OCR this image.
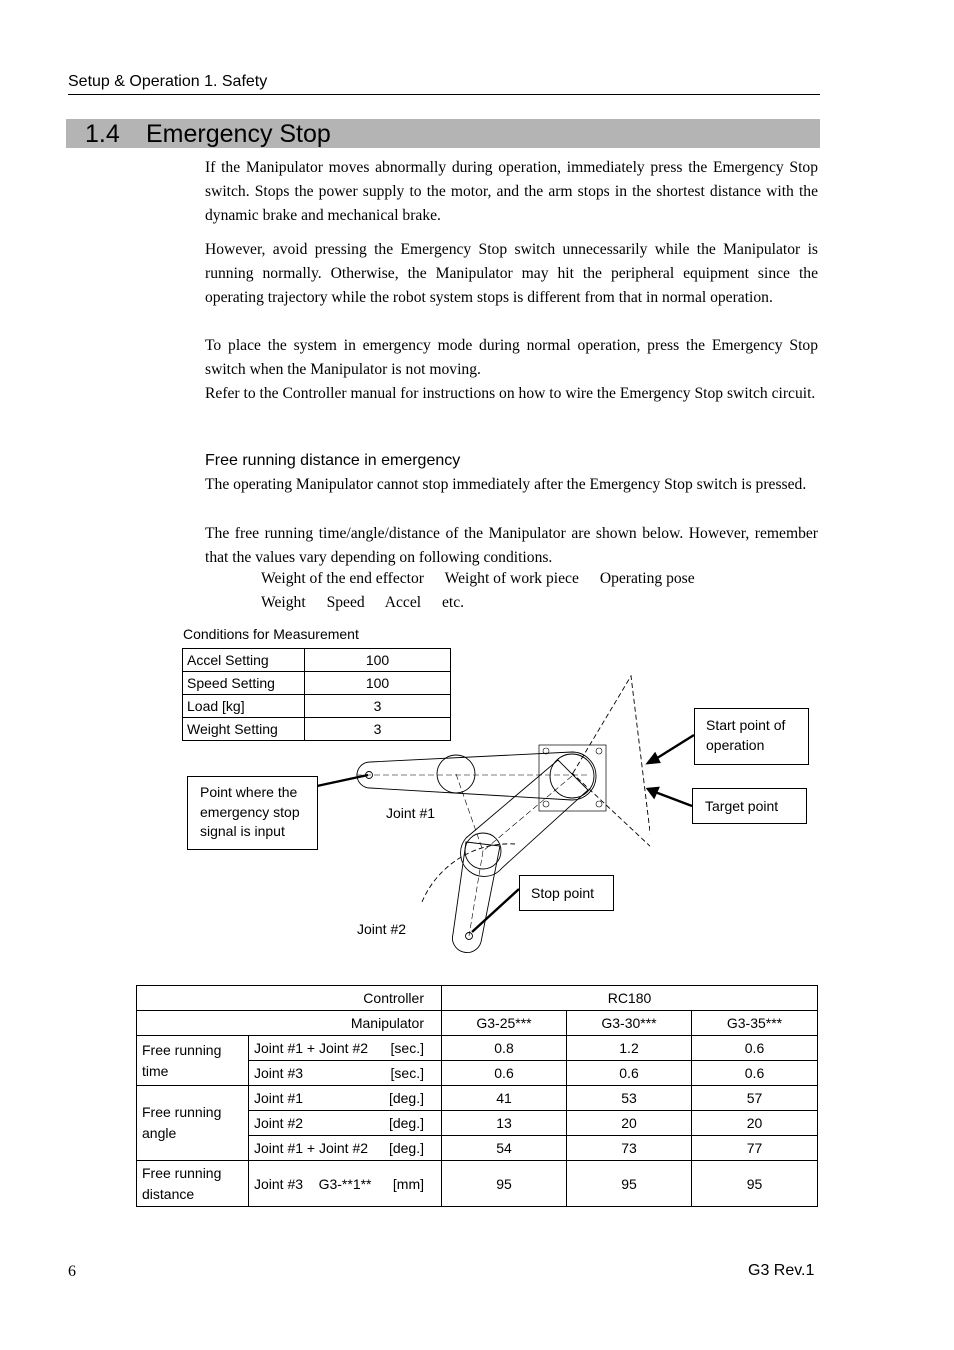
Setup & Operation 1. Safety
1.4 Emergency Stop
If the Manipulator moves abnormally during operation, immediately press the Emergency Stop switch. Stops the power supply to the motor, and the arm stops in the shortest distance with the dynamic brake and mechanical brake.
However, avoid pressing the Emergency Stop switch unnecessarily while the Manipulator is running normally. Otherwise, the Manipulator may hit the peripheral equipment since the operating trajectory while the robot system stops is different from that in normal operation.
To place the system in emergency mode during normal operation, press the Emergency Stop switch when the Manipulator is not moving.
Refer to the Controller manual for instructions on how to wire the Emergency Stop switch circuit.
Free running distance in emergency
The operating Manipulator cannot stop immediately after the Emergency Stop switch is pressed.
The free running time/angle/distance of the Manipulator are shown below. However, remember that the values vary depending on following conditions.
Weight of the end effector Weight of work piece Operating pose
Weight Speed Accel etc.
Conditions for Measurement
Accel Setting	100
Speed Setting	100
Load [kg]	3
Weight Setting	3	Start point of operation
Target point
Point where the emergency stop signal is input
Stop point
Joint #1
Joint #2
Controller		RC180		
Manipulator		G3-25***	G3-30***	G3-35***
Free running time	Joint #1 + Joint #2 [sec.]	0.8	1.2	0.6

	Joint #3 [sec.]	0.6	0.6	0.6
Free running angle	Joint #1 [deg.]	41	53	57

	Joint #2 [deg.]	13	20	20

	Joint #1 + Joint #2 [deg.]	54	73	77
Free running distance	Joint #3    G3-**1** [mm]	95	95	95
6	G3 Rev.1
